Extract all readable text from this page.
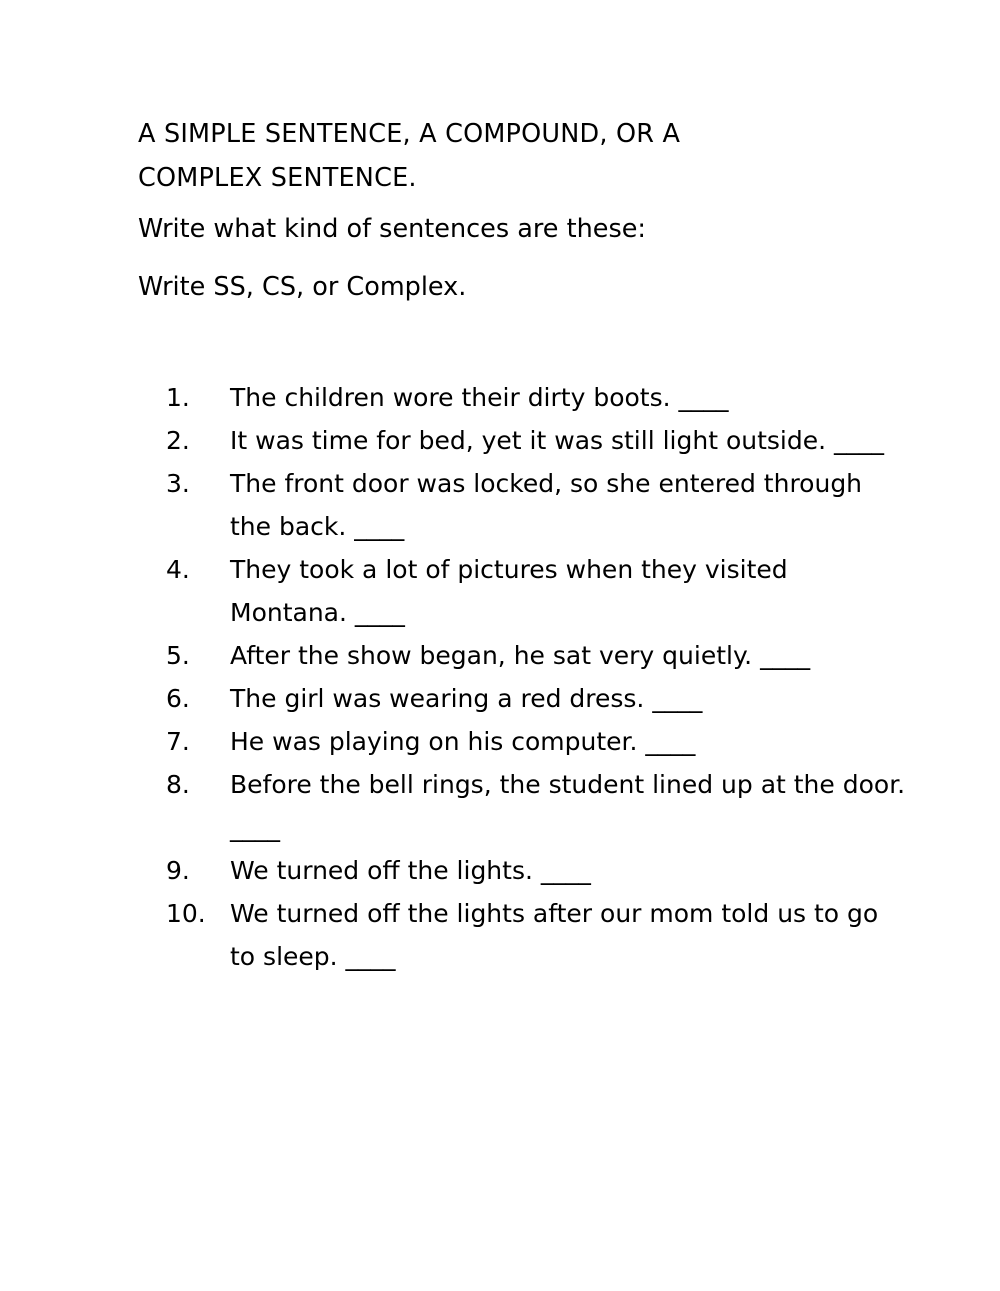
A SIMPLE SENTENCE, A COMPOUND, OR A
COMPLEX SENTENCE.

Write what kind of sentences are these:

Write SS, CS, or Complex.

1.	The children wore their dirty boots. ____
2.	It was time for bed, yet it was still light outside. ____
3.	The front door was locked, so she entered through the back. ____
4.	They took a lot of pictures when they visited Montana. ____
5.	After the show began, he sat very quietly. ____
6.	The girl was wearing a red dress. ____
7.	He was playing on his computer. ____
8.	Before the bell rings, the student lined up at the door. ____
9.	We turned off the lights. ____
10. We turned off the lights after our mom told us to go to sleep. ____
